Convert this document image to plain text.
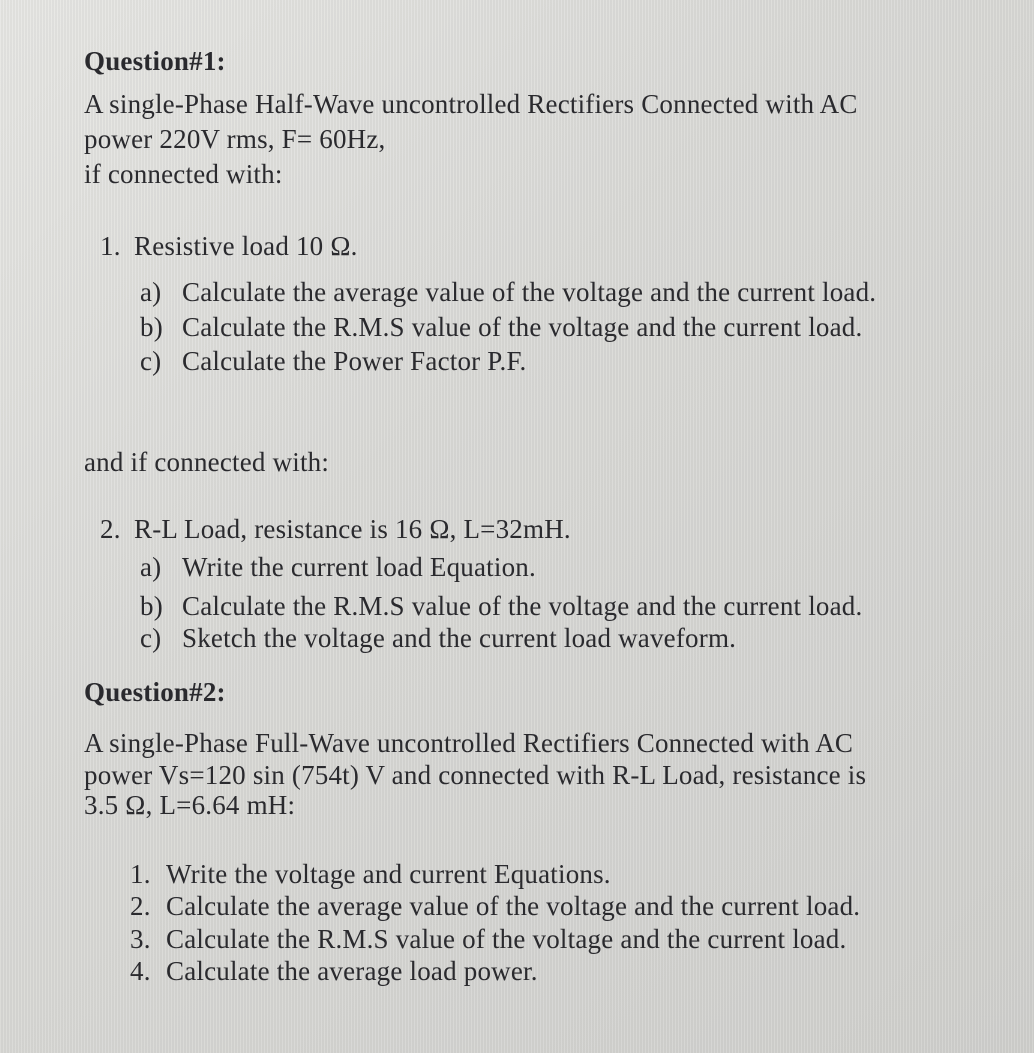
Question#1:
A single-Phase Half-Wave uncontrolled Rectifiers Connected with AC
power 220V rms, F= 60Hz,
if connected with:
1. Resistive load 10 Ω.
a) Calculate the average value of the voltage and the current load.
b) Calculate the R.M.S value of the voltage and the current load.
c) Calculate the Power Factor P.F.
and if connected with:
2. R-L Load, resistance is 16 Ω, L=32mH.
a) Write the current load Equation.
b) Calculate the R.M.S value of the voltage and the current load.
c) Sketch the voltage and the current load waveform.
Question#2:
A single-Phase Full-Wave uncontrolled Rectifiers Connected with AC
power Vs=120 sin (754t) V and connected with R-L Load, resistance is
3.5 Ω, L=6.64 mH:
1. Write the voltage and current Equations.
2. Calculate the average value of the voltage and the current load.
3. Calculate the R.M.S value of the voltage and the current load.
4. Calculate the average load power.
